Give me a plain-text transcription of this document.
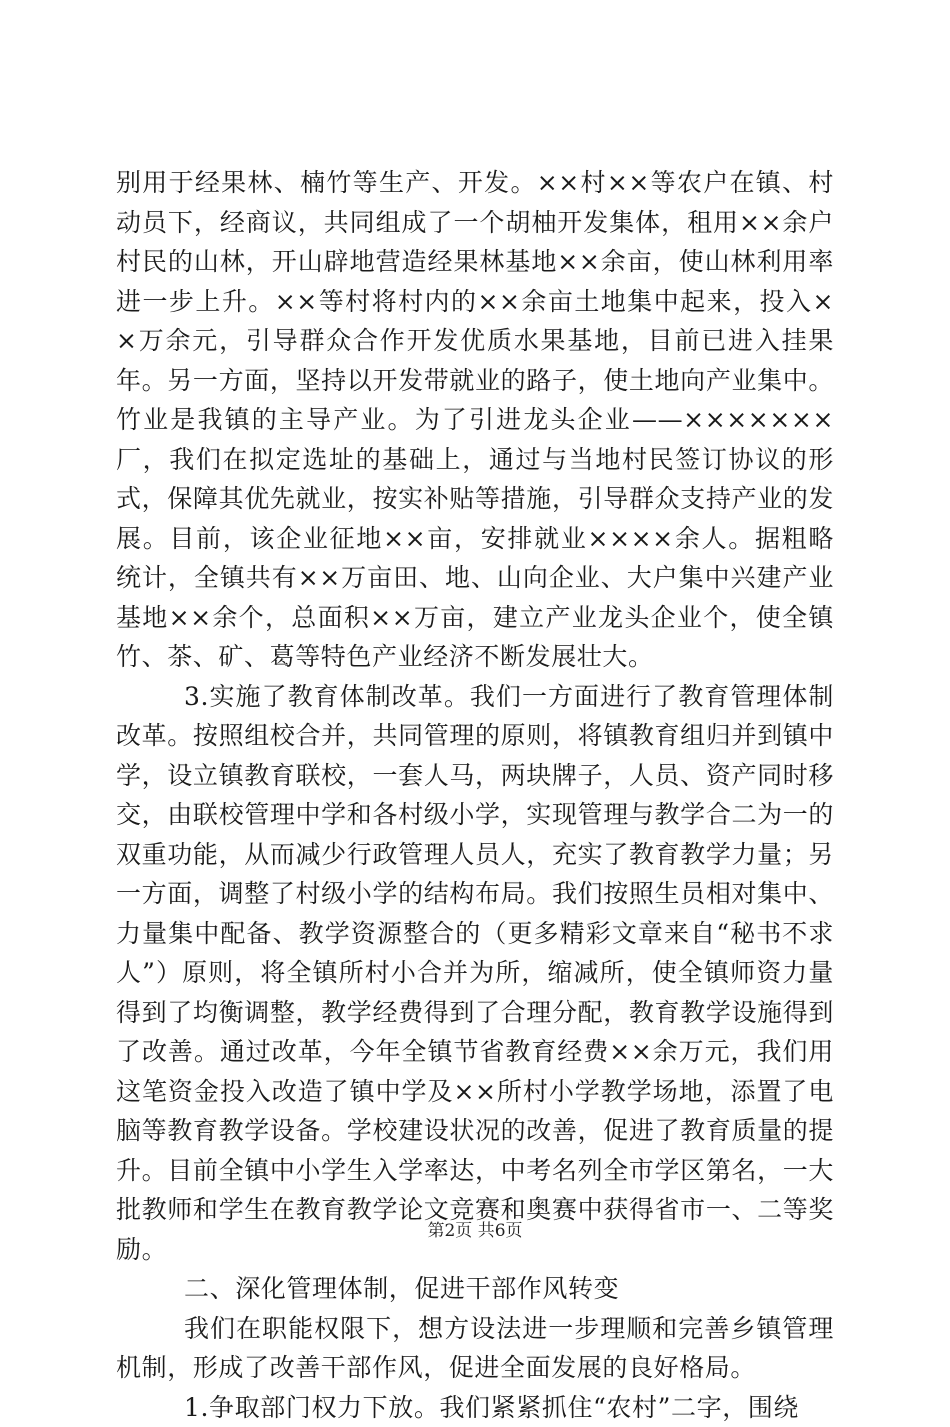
别用于经果林、楠竹等生产、开发。××村××等农户在镇、村动员下，经商议，共同组成了一个胡柚开发集体，租用××余户村民的山林，开山辟地营造经果林基地××余亩，使山林利用率进一步上升。××等村将村内的××余亩土地集中起来，投入××万余元，引导群众合作开发优质水果基地，目前已进入挂果年。另一方面，坚持以开发带就业的路子，使土地向产业集中。竹业是我镇的主导产业。为了引进龙头企业——×××××××厂，我们在拟定选址的基础上，通过与当地村民签订协议的形式，保障其优先就业，按实补贴等措施，引导群众支持产业的发展。目前，该企业征地××亩，安排就业××××余人。据粗略统计，全镇共有××万亩田、地、山向企业、大户集中兴建产业基地××余个，总面积××万亩，建立产业龙头企业个，使全镇竹、茶、矿、葛等特色产业经济不断发展壮大。

3.实施了教育体制改革。我们一方面进行了教育管理体制改革。按照组校合并，共同管理的原则，将镇教育组归并到镇中学，设立镇教育联校，一套人马，两块牌子，人员、资产同时移交，由联校管理中学和各村级小学，实现管理与教学合二为一的双重功能，从而减少行政管理人员人，充实了教育教学力量；另一方面，调整了村级小学的结构布局。我们按照生员相对集中、力量集中配备、教学资源整合的（更多精彩文章来自“秘书不求人”）原则，将全镇所村小合并为所，缩减所，使全镇师资力量得到了均衡调整，教学经费得到了合理分配，教育教学设施得到了改善。通过改革，今年全镇节省教育经费××余万元，我们用这笔资金投入改造了镇中学及××所村小学教学场地，添置了电脑等教育教学设备。学校建设状况的改善，促进了教育质量的提升。目前全镇中小学生入学率达，中考名列全市学区第名，一大批教师和学生在教育教学论文竞赛和奥赛中获得省市一、二等奖励。

二、深化管理体制，促进干部作风转变

我们在职能权限下，想方设法进一步理顺和完善乡镇管理机制，形成了改善干部作风，促进全面发展的良好格局。

1.争取部门权力下放。我们紧紧抓住“农村”二字，围绕

第2页 共6页
